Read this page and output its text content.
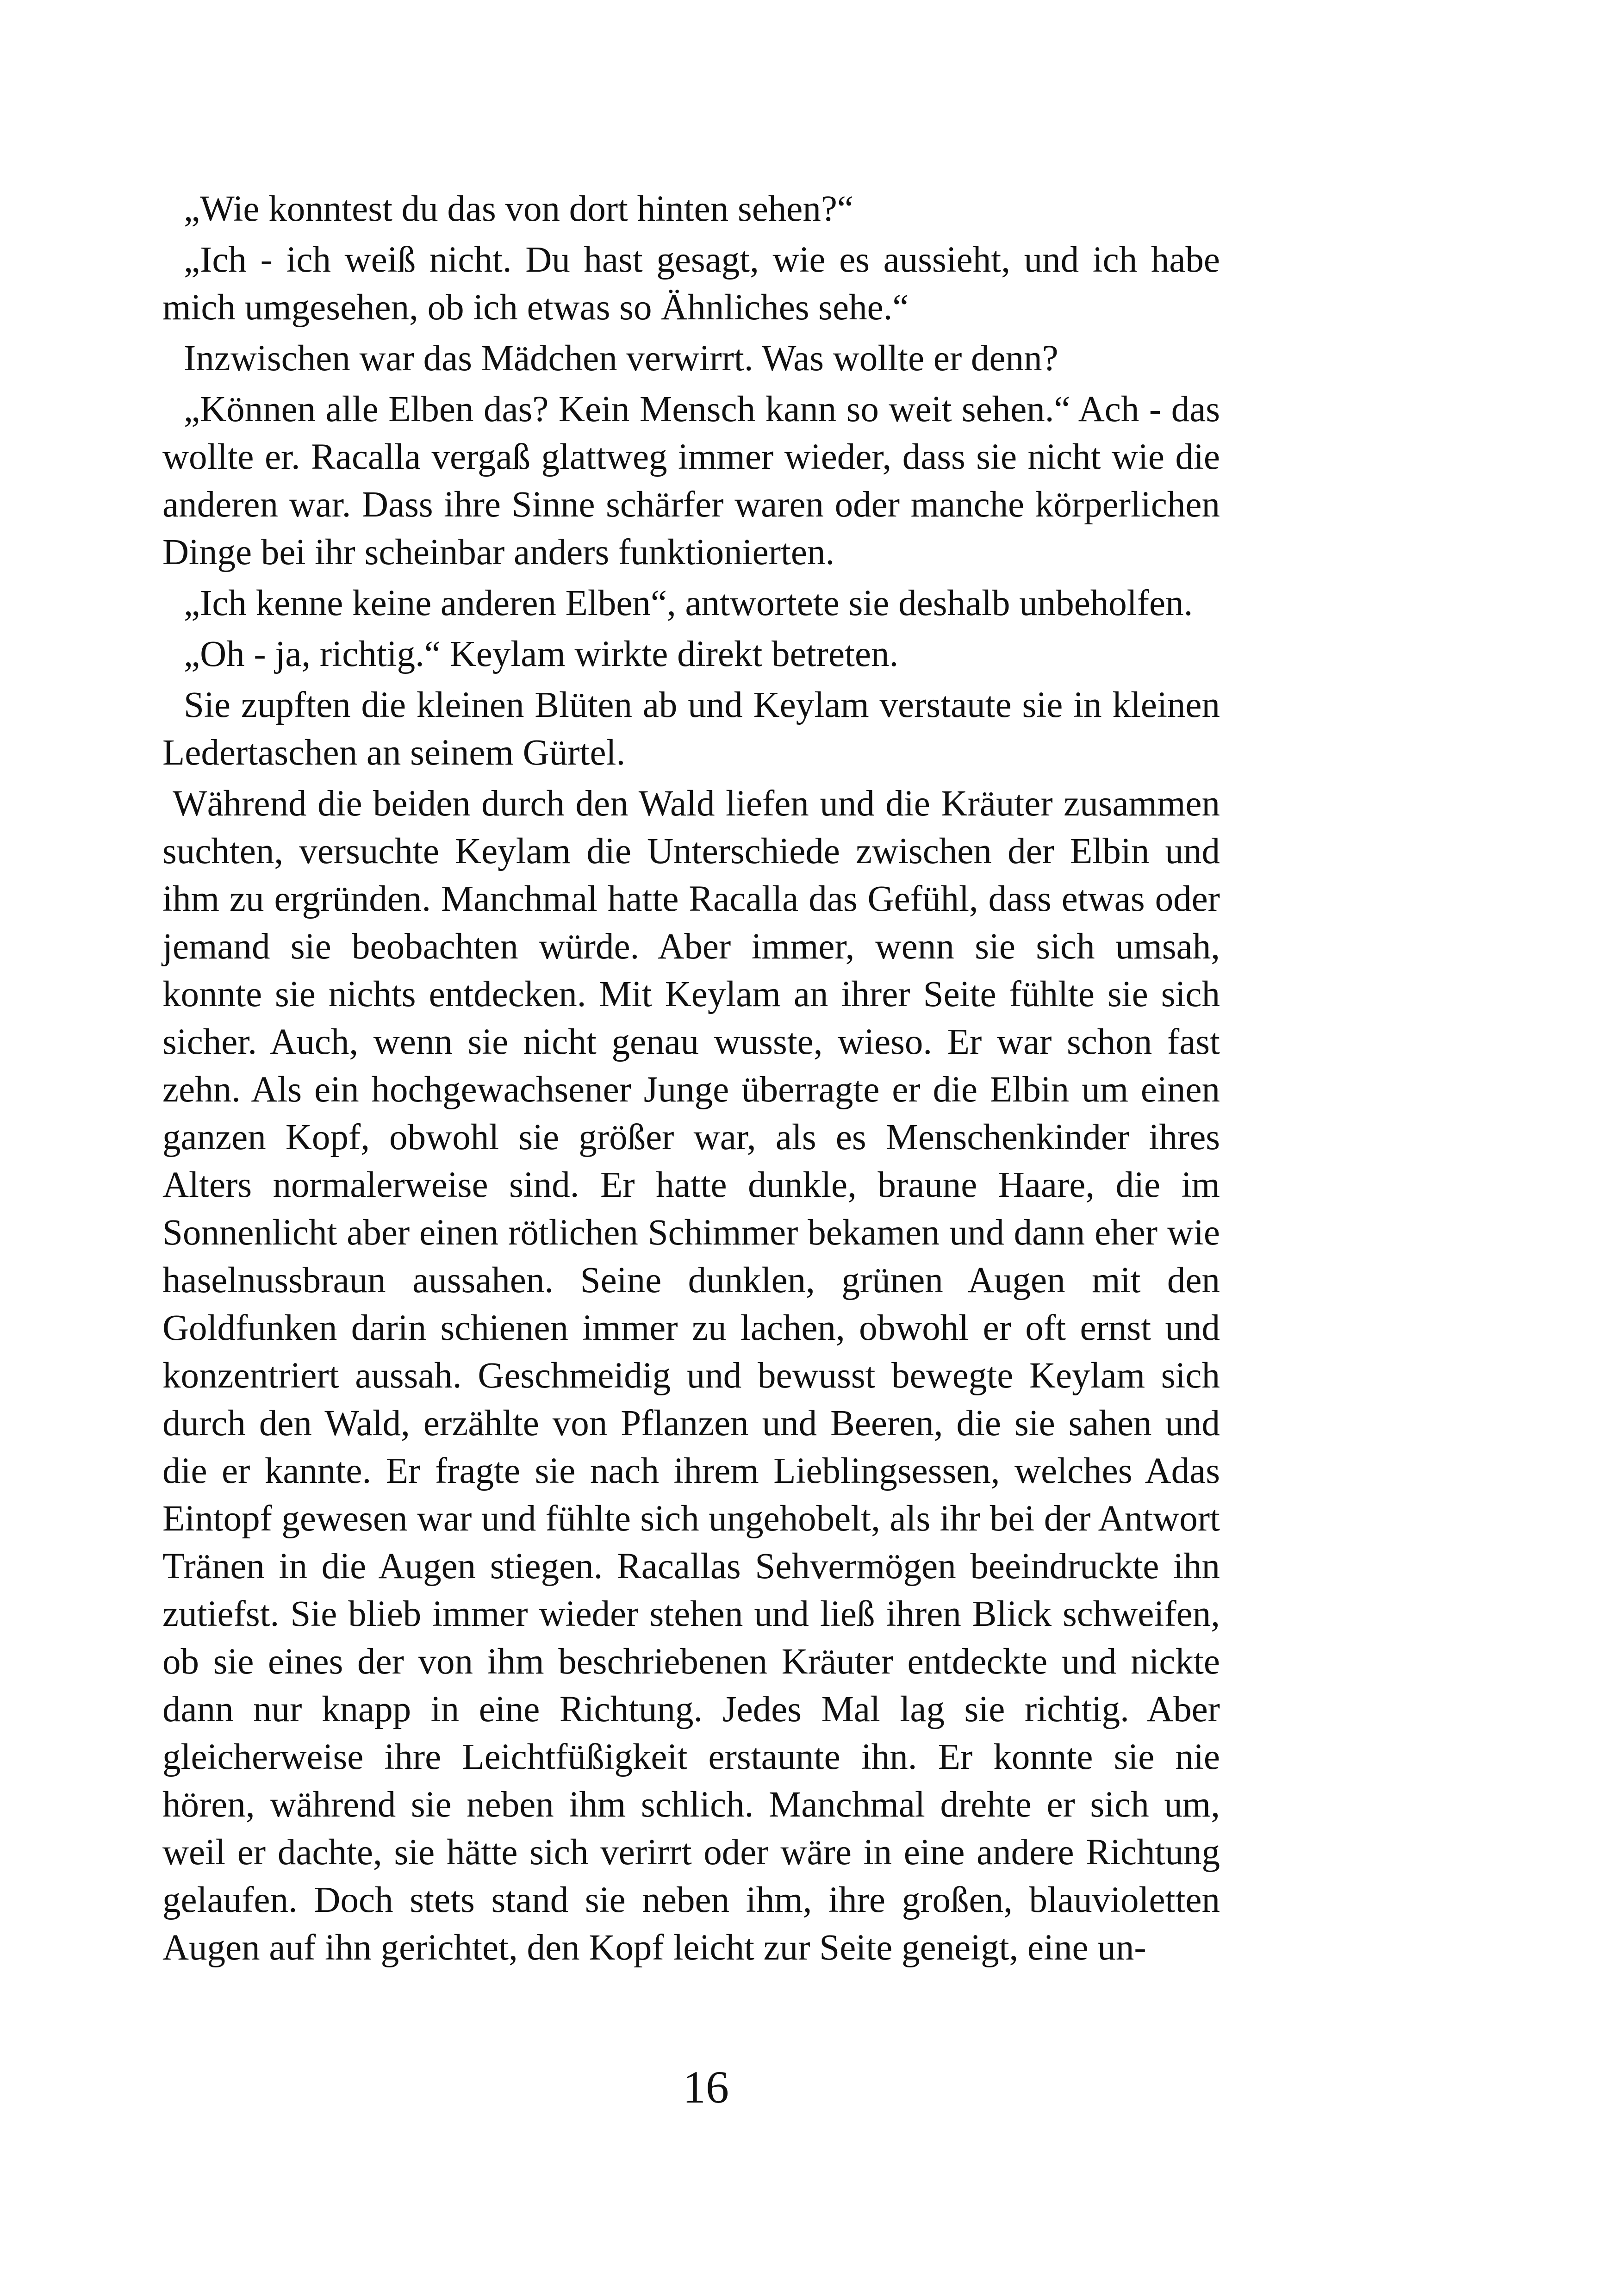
„Wie konntest du das von dort hinten sehen?“

„Ich - ich weiß nicht. Du hast gesagt, wie es aussieht, und ich habe mich umgesehen, ob ich etwas so Ähnliches sehe.“

Inzwischen war das Mädchen verwirrt. Was wollte er denn?

„Können alle Elben das? Kein Mensch kann so weit sehen.“ Ach - das wollte er. Racalla vergaß glattweg immer wieder, dass sie nicht wie die anderen war. Dass ihre Sinne schärfer waren oder manche körperlichen Dinge bei ihr scheinbar anders funktionierten.

„Ich kenne keine anderen Elben“, antwortete sie deshalb unbeholfen.

„Oh - ja, richtig.“ Keylam wirkte direkt betreten.

Sie zupften die kleinen Blüten ab und Keylam verstaute sie in kleinen Ledertaschen an seinem Gürtel.

Während die beiden durch den Wald liefen und die Kräuter zusammen suchten, versuchte Keylam die Unterschiede zwischen der Elbin und ihm zu ergründen. Manchmal hatte Racalla das Gefühl, dass etwas oder jemand sie beobachten würde. Aber immer, wenn sie sich umsah, konnte sie nichts entdecken. Mit Keylam an ihrer Seite fühlte sie sich sicher. Auch, wenn sie nicht genau wusste, wieso. Er war schon fast zehn. Als ein hochgewachsener Junge überragte er die Elbin um einen ganzen Kopf, obwohl sie größer war, als es Menschenkinder ihres Alters normalerweise sind. Er hatte dunkle, braune Haare, die im Sonnenlicht aber einen rötlichen Schimmer bekamen und dann eher wie haselnussbraun aussahen. Seine dunklen, grünen Augen mit den Goldfunken darin schienen immer zu lachen, obwohl er oft ernst und konzentriert aussah. Geschmeidig und bewusst bewegte Keylam sich durch den Wald, erzählte von Pflanzen und Beeren, die sie sahen und die er kannte. Er fragte sie nach ihrem Lieblingsessen, welches Adas Eintopf gewesen war und fühlte sich ungehobelt, als ihr bei der Antwort Tränen in die Augen stiegen. Racallas Sehvermögen beeindruckte ihn zutiefst. Sie blieb immer wieder stehen und ließ ihren Blick schweifen, ob sie eines der von ihm beschriebenen Kräuter entdeckte und nickte dann nur knapp in eine Richtung. Jedes Mal lag sie richtig. Aber gleicherweise ihre Leichtfüßigkeit erstaunte ihn. Er konnte sie nie hören, während sie neben ihm schlich. Manchmal drehte er sich um, weil er dachte, sie hätte sich verirrt oder wäre in eine andere Richtung gelaufen. Doch stets stand sie neben ihm, ihre großen, blauvioletten Augen auf ihn gerichtet, den Kopf leicht zur Seite geneigt, eine un-

16
